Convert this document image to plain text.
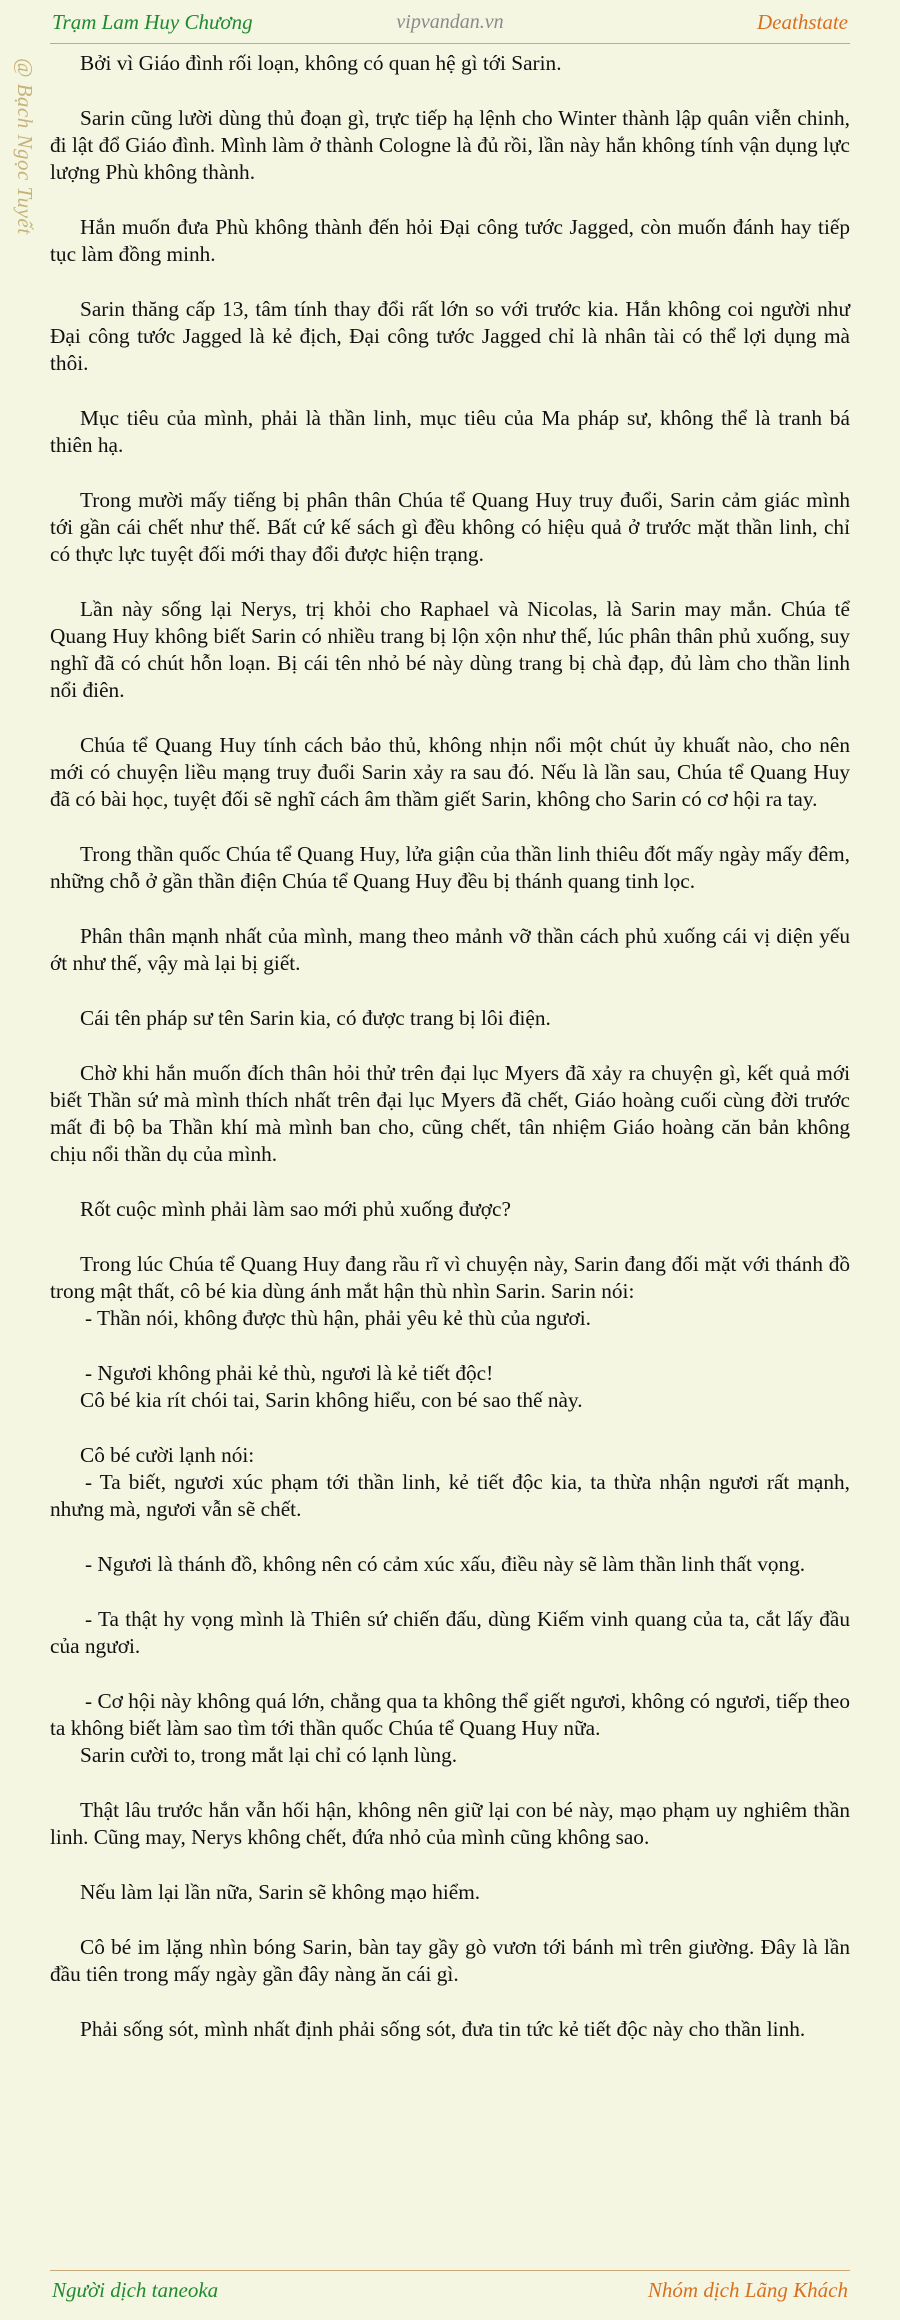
Trạm Lam Huy Chương	vipvandan.vn	Deathstate
@ Bạch Ngọc Tuyết	Bởi vì Giáo đình rối loạn, không có quan hệ gì tới Sarin.

Sarin cũng lười dùng thủ đoạn gì, trực tiếp hạ lệnh cho Winter thành lập quân viễn chinh, đi lật đổ Giáo đình. Mình làm ở thành Cologne là đủ rồi, lần này hắn không tính vận dụng lực lượng Phù không thành.

Hắn muốn đưa Phù không thành đến hỏi Đại công tước Jagged, còn muốn đánh hay tiếp tục làm đồng minh.

Sarin thăng cấp 13, tâm tính thay đổi rất lớn so với trước kia. Hắn không coi người như Đại công tước Jagged là kẻ địch, Đại công tước Jagged chỉ là nhân tài có thể lợi dụng mà thôi.

Mục tiêu của mình, phải là thần linh, mục tiêu của Ma pháp sư, không thể là tranh bá thiên hạ.

Trong mười mấy tiếng bị phân thân Chúa tể Quang Huy truy đuổi, Sarin cảm giác mình tới gần cái chết như thế. Bất cứ kế sách gì đều không có hiệu quả ở trước mặt thần linh, chỉ có thực lực tuyệt đối mới thay đổi được hiện trạng.

Lần này sống lại Nerys, trị khỏi cho Raphael và Nicolas, là Sarin may mắn. Chúa tể Quang Huy không biết Sarin có nhiều trang bị lộn xộn như thế, lúc phân thân phủ xuống, suy nghĩ đã có chút hỗn loạn. Bị cái tên nhỏ bé này dùng trang bị chà đạp, đủ làm cho thần linh nổi điên.

Chúa tể Quang Huy tính cách bảo thủ, không nhịn nổi một chút ủy khuất nào, cho nên mới có chuyện liều mạng truy đuổi Sarin xảy ra sau đó. Nếu là lần sau, Chúa tể Quang Huy đã có bài học, tuyệt đối sẽ nghĩ cách âm thầm giết Sarin, không cho Sarin có cơ hội ra tay.

Trong thần quốc Chúa tể Quang Huy, lửa giận của thần linh thiêu đốt mấy ngày mấy đêm, những chỗ ở gần thần điện Chúa tể Quang Huy đều bị thánh quang tinh lọc.

Phân thân mạnh nhất của mình, mang theo mảnh vỡ thần cách phủ xuống cái vị diện yếu ớt như thế, vậy mà lại bị giết.

Cái tên pháp sư tên Sarin kia, có được trang bị lôi điện.

Chờ khi hắn muốn đích thân hỏi thử trên đại lục Myers đã xảy ra chuyện gì, kết quả mới biết Thần sứ mà mình thích nhất trên đại lục Myers đã chết, Giáo hoàng cuối cùng đời trước mất đi bộ ba Thần khí mà mình ban cho, cũng chết, tân nhiệm Giáo hoàng căn bản không chịu nổi thần dụ của mình.

Rốt cuộc mình phải làm sao mới phủ xuống được?

Trong lúc Chúa tể Quang Huy đang rầu rĩ vì chuyện này, Sarin đang đối mặt với thánh đồ trong mật thất, cô bé kia dùng ánh mắt hận thù nhìn Sarin. Sarin nói:

- Thần nói, không được thù hận, phải yêu kẻ thù của ngươi.

- Ngươi không phải kẻ thù, ngươi là kẻ tiết độc!

Cô bé kia rít chói tai, Sarin không hiểu, con bé sao thế này.

Cô bé cười lạnh nói:

- Ta biết, ngươi xúc phạm tới thần linh, kẻ tiết độc kia, ta thừa nhận ngươi rất mạnh, nhưng mà, ngươi vẫn sẽ chết.

- Ngươi là thánh đồ, không nên có cảm xúc xấu, điều này sẽ làm thần linh thất vọng.

- Ta thật hy vọng mình là Thiên sứ chiến đấu, dùng Kiếm vinh quang của ta, cắt lấy đầu của ngươi.

- Cơ hội này không quá lớn, chẳng qua ta không thể giết ngươi, không có ngươi, tiếp theo ta không biết làm sao tìm tới thần quốc Chúa tể Quang Huy nữa.

Sarin cười to, trong mắt lại chỉ có lạnh lùng.

Thật lâu trước hắn vẫn hối hận, không nên giữ lại con bé này, mạo phạm uy nghiêm thần linh. Cũng may, Nerys không chết, đứa nhỏ của mình cũng không sao.

Nếu làm lại lần nữa, Sarin sẽ không mạo hiểm.

Cô bé im lặng nhìn bóng Sarin, bàn tay gầy gò vươn tới bánh mì trên giường. Đây là lần đầu tiên trong mấy ngày gần đây nàng ăn cái gì.

Phải sống sót, mình nhất định phải sống sót, đưa tin tức kẻ tiết độc này cho thần linh.

Người dịch taneoka	Nhóm dịch Lãng Khách
